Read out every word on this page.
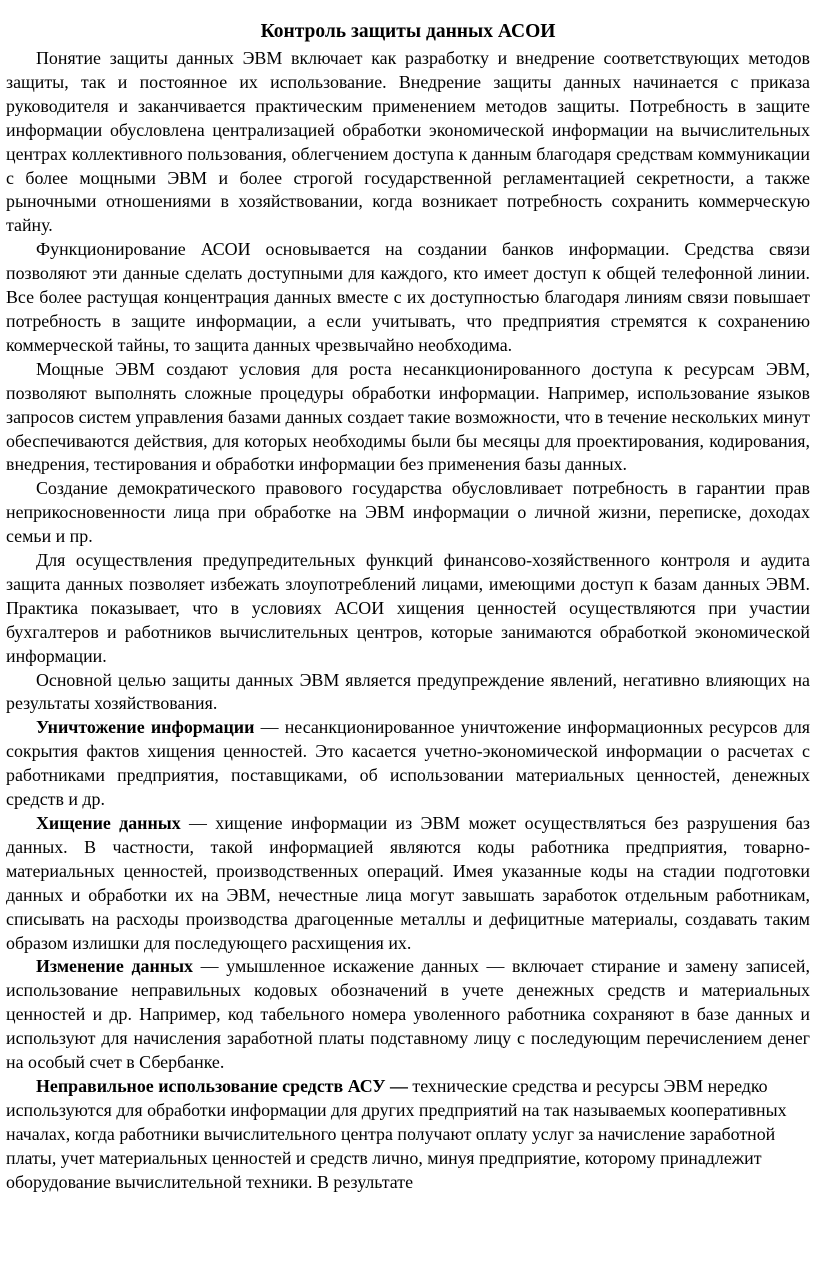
Контроль защиты данных АСОИ

Понятие защиты данных ЭВМ включает как разработку и внедрение соответствующих методов защиты, так и постоянное их использование. Внедрение защиты данных начинается с приказа руководителя и заканчивается практическим применением методов защиты. Потребность в защите информации обусловлена централизацией обработки экономической информации на вычислительных центрах коллективного пользования, облегчением доступа к данным благодаря средствам коммуникации с более мощными ЭВМ и более строгой государственной регламентацией секретности, а также рыночными отношениями в хозяйствовании, когда возникает потребность сохранить коммерческую тайну.

Функционирование АСОИ основывается на создании банков информации. Средства связи позволяют эти данные сделать доступными для каждого, кто имеет доступ к общей телефонной линии. Все более растущая концентрация данных вместе с их доступностью благодаря линиям связи повышает потребность в защите информации, а если учитывать, что предприятия стремятся к сохранению коммерческой тайны, то защита данных чрезвычайно необходима.

Мощные ЭВМ создают условия для роста несанкционированного доступа к ресурсам ЭВМ, позволяют выполнять сложные процедуры обработки информации. Например, использование языков запросов систем управления базами данных создает такие возможности, что в течение нескольких минут обеспечиваются действия, для которых необходимы были бы месяцы для проектирования, кодирования, внедрения, тестирования и обработки информации без применения базы данных.

Создание демократического правового государства обусловливает потребность в гарантии прав неприкосновенности лица при обработке на ЭВМ информации о личной жизни, переписке, доходах семьи и пр.

Для осуществления предупредительных функций финансово-хозяйственного контроля и аудита защита данных позволяет избежать злоупотреблений лицами, имеющими доступ к базам данных ЭВМ. Практика показывает, что в условиях АСОИ хищения ценностей осуществляются при участии бухгалтеров и работников вычислительных центров, которые занимаются обработкой экономической информации.

Основной целью защиты данных ЭВМ является предупреждение явлений, негативно влияющих на результаты хозяйствования.

Уничтожение информации — несанкционированное уничтожение информационных ресурсов для сокрытия фактов хищения ценностей. Это касается учетно-экономической информации о расчетах с работниками предприятия, поставщиками, об использовании материальных ценностей, денежных средств и др.

Хищение данных — хищение информации из ЭВМ может осуществляться без разрушения баз данных. В частности, такой информацией являются коды работника предприятия, товарно-материальных ценностей, производственных операций. Имея указанные коды на стадии подготовки данных и обработки их на ЭВМ, нечестные лица могут завышать заработок отдельным работникам, списывать на расходы производства драгоценные металлы и дефицитные материалы, создавать таким образом излишки для последующего расхищения их.

Изменение данных — умышленное искажение данных — включает стирание и замену записей, использование неправильных кодовых обозначений в учете денежных средств и материальных ценностей и др. Например, код табельного номера уволенного работника сохраняют в базе данных и используют для начисления заработной платы подставному лицу с последующим перечислением денег на особый счет в Сбербанке.

Неправильное использование средств АСУ — технические средства и ресурсы ЭВМ нередко используются для обработки информации для других предприятий на так называемых кооперативных началах, когда работники вычислительного центра получают оплату услуг за начисление заработной платы, учет материальных ценностей и средств лично, минуя предприятие, которому принадлежит оборудование вычислительной техники. В результате
